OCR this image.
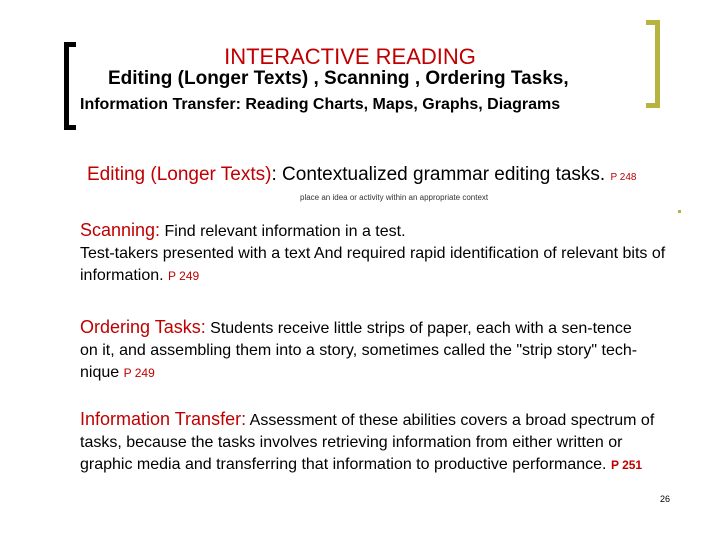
INTERACTIVE READING
Editing (Longer Texts) , Scanning , Ordering Tasks,
Information Transfer: Reading Charts, Maps, Graphs, Diagrams
Editing (Longer Texts): Contextualized grammar editing tasks. P 248
place an idea or activity within an appropriate context
Scanning: Find relevant information in a test.
Test-takers presented with a text And required rapid identification of relevant bits of information. P 249
Ordering Tasks: Students receive little strips of paper, each with a sen-tence on it, and assembling them into a story, sometimes called the "strip story" tech-nique P 249
Information Transfer: Assessment of these abilities covers a broad spectrum of tasks, because the tasks involves retrieving information from either written or graphic media and transferring that information to productive performance. P 251
26
